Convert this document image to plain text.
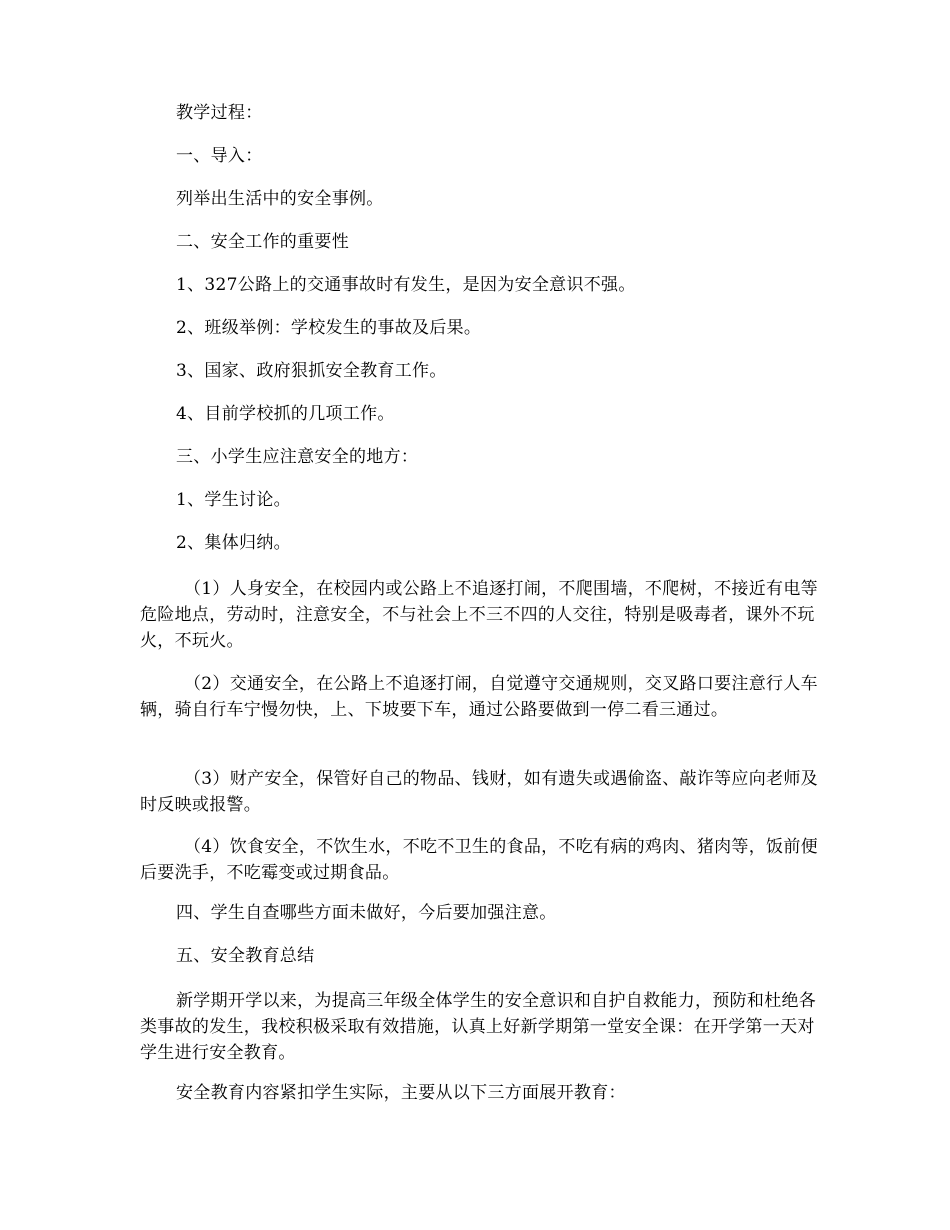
教学过程：

一、导入：

列举出生活中的安全事例。

二、安全工作的重要性

1、327公路上的交通事故时有发生，是因为安全意识不强。

2、班级举例：学校发生的事故及后果。

3、国家、政府狠抓安全教育工作。

4、目前学校抓的几项工作。

三、小学生应注意安全的地方：

1、学生讨论。

2、集体归纳。

（1）人身安全，在校园内或公路上不追逐打闹，不爬围墙，不爬树，不接近有电等危险地点，劳动时，注意安全，不与社会上不三不四的人交往，特别是吸毒者，课外不玩火，不玩火。

（2）交通安全，在公路上不追逐打闹，自觉遵守交通规则，交叉路口要注意行人车辆，骑自行车宁慢勿快，上、下坡要下车，通过公路要做到一停二看三通过。

（3）财产安全，保管好自己的物品、钱财，如有遗失或遇偷盗、敲诈等应向老师及时反映或报警。

（4）饮食安全，不饮生水，不吃不卫生的食品，不吃有病的鸡肉、猪肉等，饭前便后要洗手，不吃霉变或过期食品。

四、学生自查哪些方面未做好，今后要加强注意。

五、安全教育总结

新学期开学以来，为提高三年级全体学生的安全意识和自护自救能力，预防和杜绝各类事故的发生，我校积极采取有效措施，认真上好新学期第一堂安全课：在开学第一天对学生进行安全教育。

安全教育内容紧扣学生实际，主要从以下三方面展开教育：
